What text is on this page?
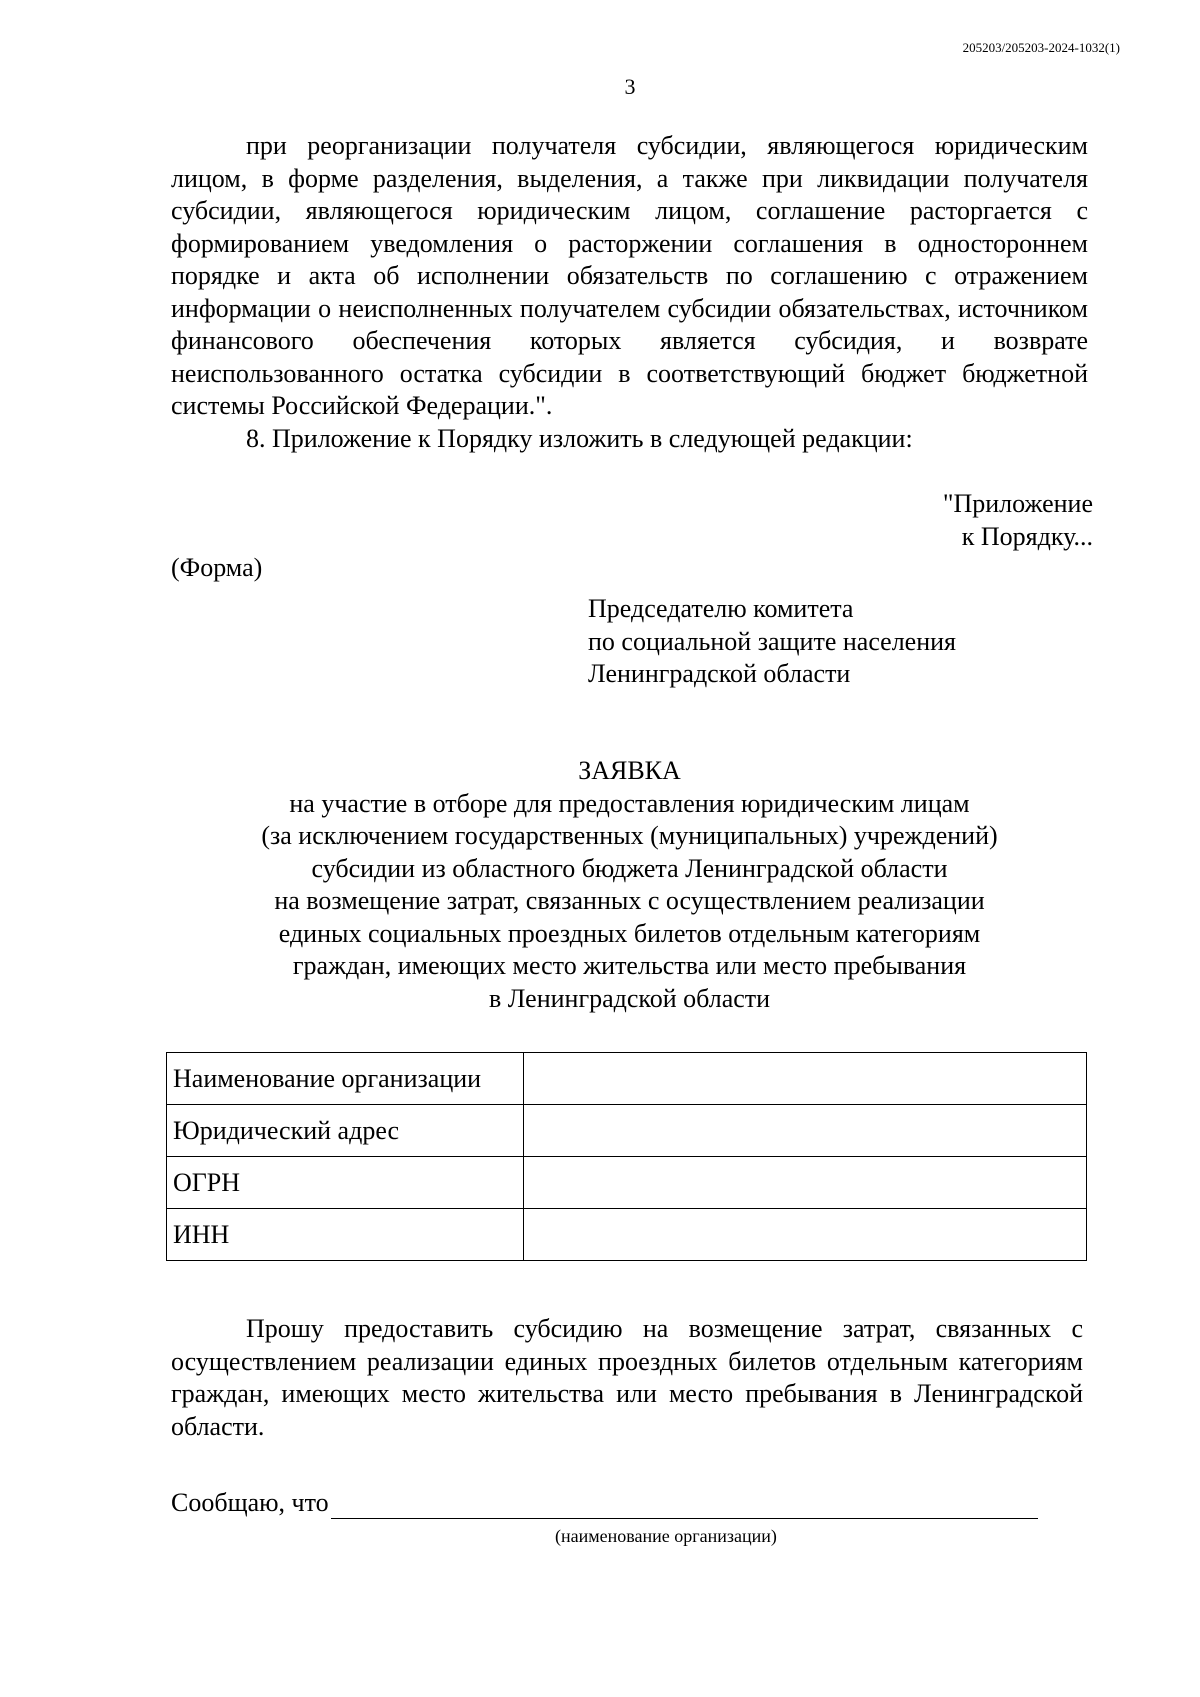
205203/205203-2024-1032(1)
3
при реорганизации получателя субсидии, являющегося юридическим лицом, в форме разделения, выделения, а также при ликвидации получателя субсидии, являющегося юридическим лицом, соглашение расторгается с формированием уведомления о расторжении соглашения в одностороннем порядке и акта об исполнении обязательств по соглашению с отражением информации о неисполненных получателем субсидии обязательствах, источником финансового обеспечения которых является субсидия, и возврате неиспользованного остатка субсидии в соответствующий бюджет бюджетной системы Российской Федерации.".
8. Приложение к Порядку изложить в следующей редакции:
"Приложение
к Порядку...
(Форма)
Председателю комитета
по социальной защите населения
Ленинградской области
ЗАЯВКА
на участие в отборе для предоставления юридическим лицам
(за исключением государственных (муниципальных) учреждений)
субсидии из областного бюджета Ленинградской области
на возмещение затрат, связанных с осуществлением реализации
единых социальных проездных билетов отдельным категориям
граждан, имеющих место жительства или место пребывания
в Ленинградской области
Наименование организации	
Юридический адрес	
ОГРН	
ИНН	
Прошу предоставить субсидию на возмещение затрат, связанных с осуществлением реализации единых проездных билетов отдельным категориям граждан, имеющих место жительства или место пребывания в Ленинградской области.
Сообщаю, что
(наименование организации)
